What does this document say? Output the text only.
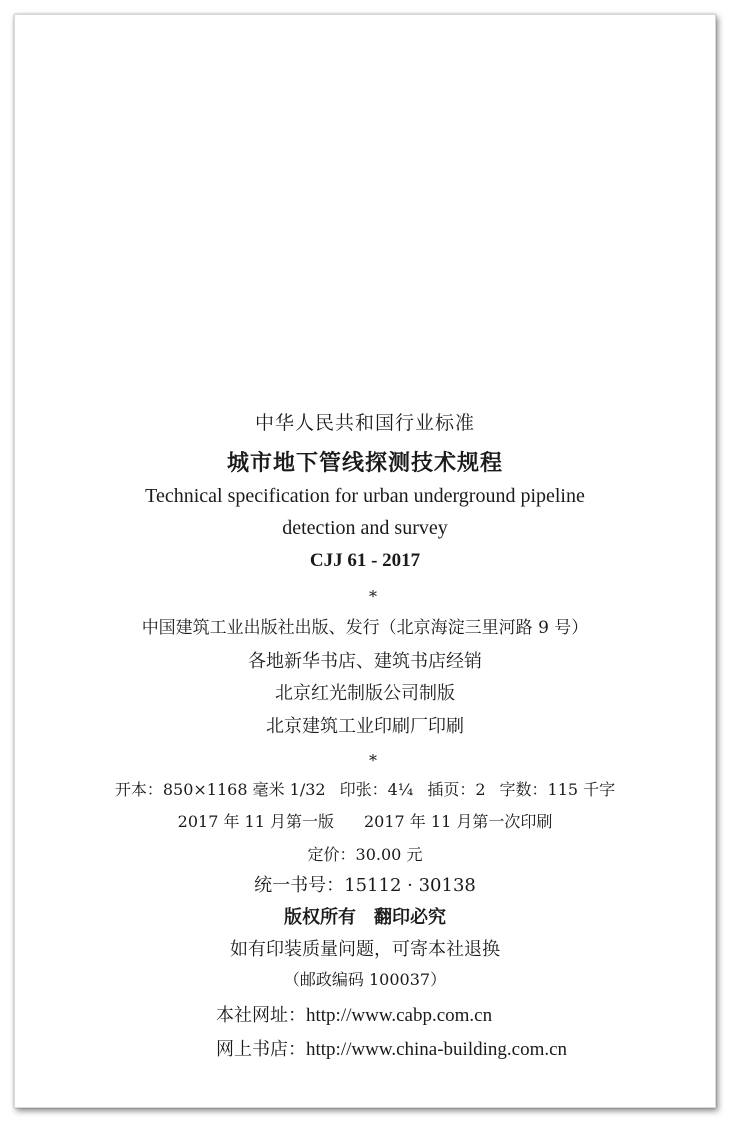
中华人民共和国行业标准
城市地下管线探测技术规程
Technical specification for urban underground pipeline
detection and survey
CJJ 61 - 2017
*
中国建筑工业出版社出版、发行（北京海淀三里河路 9 号）
各地新华书店、建筑书店经销
北京红光制版公司制版
北京建筑工业印刷厂印刷
*
开本：850×1168 毫米 1/32 印张：4¼ 插页：2 字数：115 千字
2017 年 11 月第一版 2017 年 11 月第一次印刷
定价：30.00 元
统一书号：15112 · 30138
版权所有　翻印必究
如有印装质量问题，可寄本社退换
（邮政编码 100037）
本社网址：http://www.cabp.com.cn
网上书店：http://www.china-building.com.cn
